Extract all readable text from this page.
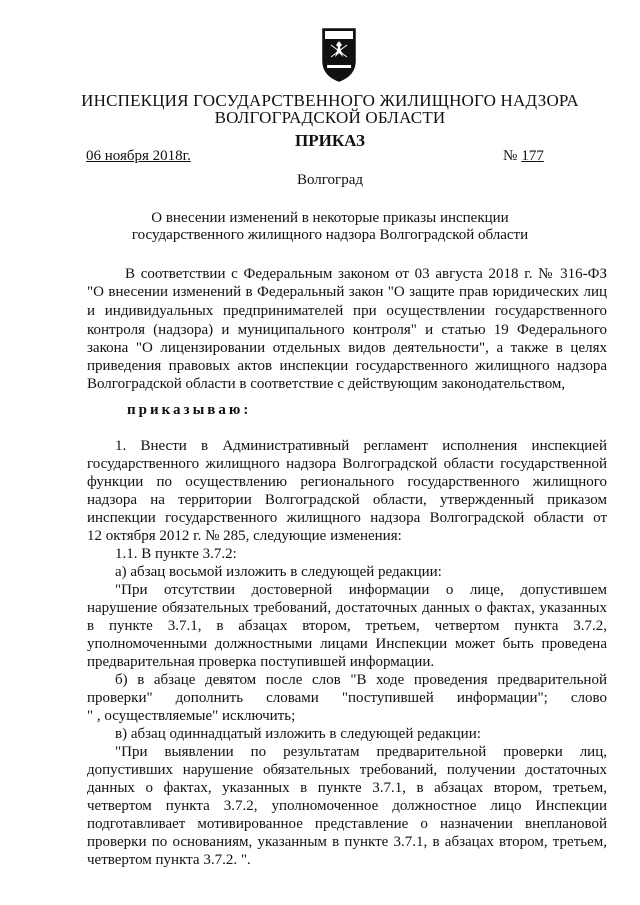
ИНСПЕКЦИЯ ГОСУДАРСТВЕННОГО ЖИЛИЩНОГО НАДЗОРА
ВОЛГОГРАДСКОЙ ОБЛАСТИ
ПРИКАЗ
06 ноября 2018г.	№ 177
Волгоград
О внесении изменений в некоторые приказы инспекции
государственного жилищного надзора Волгоградской области
В соответствии с Федеральным законом от 03 августа 2018 г. № 316-ФЗ
"О внесении изменений в Федеральный закон "О защите прав юридических лиц
и индивидуальных предпринимателей при осуществлении государственного
контроля (надзора) и муниципального контроля" и статью 19 Федерального
закона "О лицензировании отдельных видов деятельности", а также в целях
приведения правовых актов инспекции государственного жилищного надзора
Волгоградской области в соответствие с действующим законодательством,
приказываю:
1. Внести в Административный регламент исполнения инспекцией
государственного жилищного надзора Волгоградской области государственной
функции по осуществлению регионального государственного жилищного
надзора на территории Волгоградской области, утвержденный приказом
инспекции государственного жилищного надзора Волгоградской области от
12 октября 2012 г. № 285, следующие изменения:
1.1. В пункте 3.7.2:
а) абзац восьмой изложить в следующей редакции:
"При отсутствии достоверной информации о лице, допустившем
нарушение обязательных требований, достаточных данных о фактах, указанных
в пункте 3.7.1, в абзацах втором, третьем, четвертом пункта 3.7.2,
уполномоченными должностными лицами Инспекции может быть проведена
предварительная проверка поступившей информации.
б) в абзаце девятом после слов "В ходе проведения предварительной
проверки" дополнить словами "поступившей информации"; слово
" , осуществляемые" исключить;
в) абзац одиннадцатый изложить в следующей редакции:
"При выявлении по результатам предварительной проверки лиц,
допустивших нарушение обязательных требований, получении достаточных
данных о фактах, указанных в пункте 3.7.1, в абзацах втором, третьем,
четвертом пункта 3.7.2, уполномоченное должностное лицо Инспекции
подготавливает мотивированное представление о назначении внеплановой
проверки по основаниям, указанным в пункте 3.7.1, в абзацах втором, третьем,
четвертом пункта 3.7.2. ".
